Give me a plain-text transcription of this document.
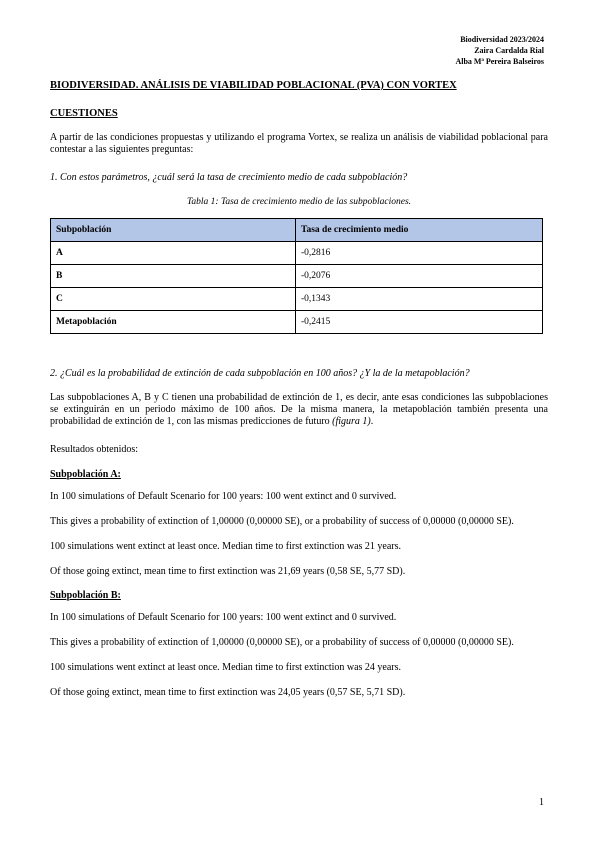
Biodiversidad 2023/2024
Zaira Cardalda Rial
Alba Mª Pereira Balseiros
BIODIVERSIDAD. ANÁLISIS DE VIABILIDAD POBLACIONAL (PVA) CON VORTEX
CUESTIONES
A partir de las condiciones propuestas y utilizando el programa Vortex, se realiza un análisis de viabilidad poblacional para contestar a las siguientes preguntas:
1. Con estos parámetros, ¿cuál será la tasa de crecimiento medio de cada subpoblación?
Tabla 1: Tasa de crecimiento medio de las subpoblaciones.
Subpoblación	Tasa de crecimiento medio
A	-0,2816
B	-0,2076
C	-0,1343
Metapoblación	-0,2415
2. ¿Cuál es la probabilidad de extinción de cada subpoblación en 100 años? ¿Y la de la metapoblación?
Las subpoblaciones A, B y C tienen una probabilidad de extinción de 1, es decir, ante esas condiciones las subpoblaciones se extinguirán en un periodo máximo de 100 años. De la misma manera, la metapoblación también presenta una probabilidad de extinción de 1, con las mismas predicciones de futuro (figura 1).
Resultados obtenidos:
Subpoblación A:
In 100 simulations of Default Scenario for 100 years: 100 went extinct and 0 survived.
This gives a probability of extinction of 1,00000 (0,00000 SE), or a probability of success of 0,00000 (0,00000 SE).
100 simulations went extinct at least once. Median time to first extinction was 21 years.
Of those going extinct, mean time to first extinction was 21,69 years (0,58 SE, 5,77 SD).
Subpoblación B:
In 100 simulations of Default Scenario for 100 years: 100 went extinct and 0 survived.
This gives a probability of extinction of 1,00000 (0,00000 SE), or a probability of success of 0,00000 (0,00000 SE).
100 simulations went extinct at least once. Median time to first extinction was 24 years.
Of those going extinct, mean time to first extinction was 24,05 years (0,57 SE, 5,71 SD).
1
